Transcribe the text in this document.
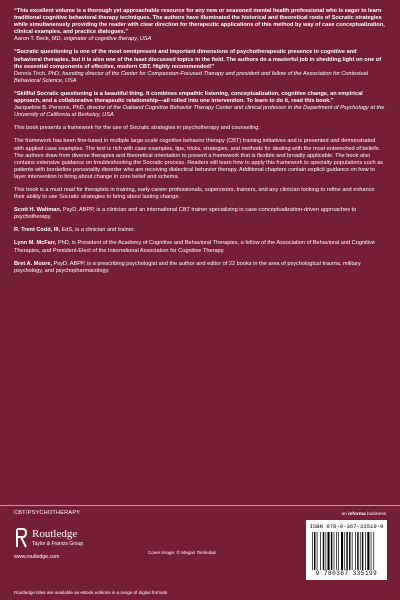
“This excellent volume is a thorough yet approachable resource for any new or seasoned mental health professional who is eager to learn traditional cognitive behavioral therapy techniques. The authors have illuminated the historical and theoretical roots of Socratic strategies while simultaneously providing the reader with clear direction for therapeutic applications of this method by way of case conceptualization, clinical examples, and practice dialogues.”
Aaron T. Beck, MD, originator of cognitive therapy, USA
“Socratic questioning is one of the most omnipresent and important dimensions of psychotherapeutic presence in cognitive and behavioral therapies, but it is also one of the least discussed topics in the field. The authors do a masterful job in shedding light on one of the essential components of effective, modern CBT. Highly recommended!”
Dennis Tirch, PhD, founding director of the Center for Compassion-Focused Therapy and president and fellow of the Association for Contextual Behavioral Science, USA
“Skillful Socratic questioning is a beautiful thing. It combines empathic listening, conceptualization, cognitive change, an empirical approach, and a collaborative therapeutic relationship—all rolled into one intervention. To learn to do it, read this book.”
Jacqueline B. Persons, PhD, director of the Oakland Cognitive Behavior Therapy Center and clinical professor in the Department of Psychology at the University of California at Berkeley, USA
This book presents a framework for the use of Socratic strategies in psychotherapy and counseling.
The framework has been fine-tuned in multiple large-scale cognitive behavior therapy (CBT) training initiatives and is presented and demonstrated with applied case examples. The text is rich with case examples, tips, tricks, strategies, and methods for dealing with the most entrenched of beliefs. The authors draw from diverse therapies and theoretical orientation to present a framework that is flexible and broadly applicable. The book also contains extensive guidance on troubleshooting the Socratic process. Readers will learn how to apply this framework to specialty populations such as patients with borderline personality disorder who are receiving dialectical behavior therapy. Additional chapters contain explicit guidance on how to layer intervention to bring about change in core belief and schema.
This book is a must read for therapists in training, early career professionals, supervisors, trainers, and any clinician looking to refine and enhance their ability to use Socratic strategies to bring about lasting change.
Scott H. Waltman, PsyD, ABPP, is a clinician and an international CBT trainer specializing in case-conceptualization-driven approaches to psychotherapy.
R. Trent Codd, III, EdS, is a clinician and trainer.
Lynn M. McFarr, PhD, is President of the Academy of Cognitive and Behavioral Therapies, a fellow of the Association of Behavioral and Cognitive Therapies, and President-Elect of the International Association for Cognitive Therapy.
Bret A. Moore, PsyD, ABPP, is a prescribing psychologist and the author and editor of 22 books in the area of psychological trauma, military psychology, and psychopharmacology.
CBT/PSYCHOTHERAPY
Routledge
Taylor & Francis Group
www.routledge.com
Cover image: © Megan Tomkulak
an informa business
ISBN 978-0-367-33519-9
9 780367 335199
Routledge titles are available as eBook editions in a range of digital formats
